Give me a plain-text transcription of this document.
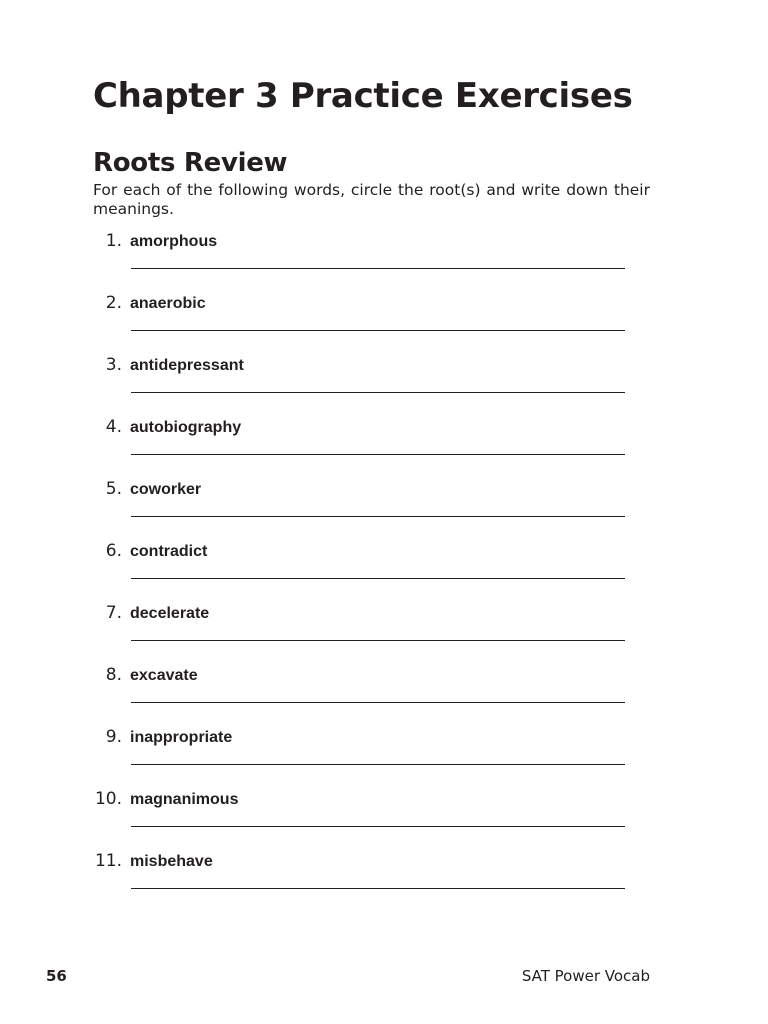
Chapter 3 Practice Exercises
Roots Review

For each of the following words, circle the root(s) and write down their meanings.

1. amorphous
2. anaerobic
3. antidepressant
4. autobiography
5. coworker
6. contradict
7. decelerate
8. excavate
9. inappropriate
10. magnanimous
11. misbehave
56	SAT Power Vocab
